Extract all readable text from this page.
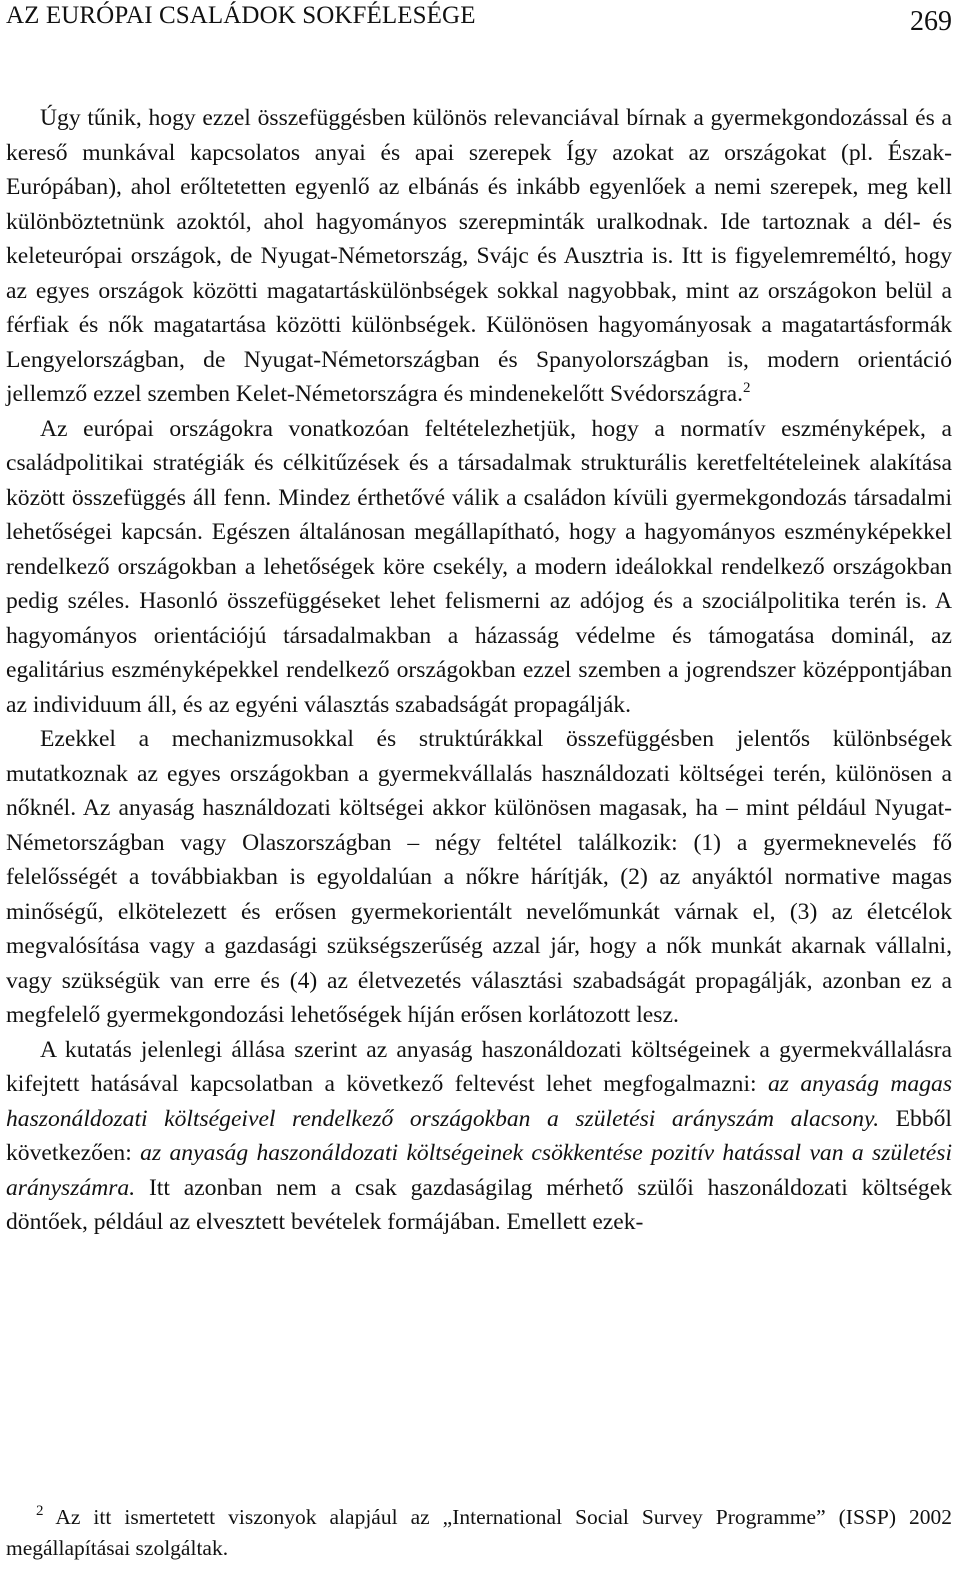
AZ EURÓPAI CSALÁDOK SOKFÉLESÉGE	269

Úgy tűnik, hogy ezzel összefüggésben különös relevanciával bírnak a gyermekgondozással és a kereső munkával kapcsolatos anyai és apai szerepek Így azokat az országokat (pl. Észak-Európában), ahol erőltetetten egyenlő az elbánás és inkább egyenlőek a nemi szerepek, meg kell különböztetnünk azoktól, ahol hagyományos szerepminták uralkodnak. Ide tartoznak a dél- és keleteurópai országok, de Nyugat-Németország, Svájc és Ausztria is. Itt is figyelemreméltó, hogy az egyes országok közötti magatartáskülönbségek sokkal nagyobbak, mint az országokon belül a férfiak és nők magatartása közötti különbségek. Különösen hagyományosak a magatartásformák Lengyelországban, de Nyugat-Németországban és Spanyolországban is, modern orientáció jellemző ezzel szemben Kelet-Németországra és mindenekelőtt Svédországra.$^2$

Az európai országokra vonatkozóan feltételezhetjük, hogy a normatív eszményképek, a családpolitikai stratégiák és célkitűzések és a társadalmak strukturális keretfeltételeinek alakítása között összefüggés áll fenn. Mindez érthetővé válik a családon kívüli gyermekgondozás társadalmi lehetőségei kapcsán. Egészen általánosan megállapítható, hogy a hagyományos eszményképekkel rendelkező országokban a lehetőségek köre csekély, a modern ideálokkal rendelkező országokban pedig széles. Hasonló összefüggéseket lehet felismerni az adójog és a szociálpolitika terén is. A hagyományos orientációjú társadalmakban a házasság védelme és támogatása dominál, az egalitárius eszményképekkel rendelkező országokban ezzel szemben a jogrendszer középpontjában az individuum áll, és az egyéni választás szabadságát propagálják.

Ezekkel a mechanizmusokkal és struktúrákkal összefüggésben jelentős különbségek mutatkoznak az egyes országokban a gyermekvállalás használdozati költségei terén, különösen a nőknél. Az anyaság használdozati költségei akkor különösen magasak, ha – mint például Nyugat-Németországban vagy Olaszországban – négy feltétel találkozik: (1) a gyermeknevelés fő felelősségét a továbbiakban is egyoldalúan a nőkre hárítják, (2) az anyáktól normative magas minőségű, elkötelezett és erősen gyermekorientált nevelőmunkát várnak el, (3) az életcélok megvalósítása vagy a gazdasági szükségszerűség azzal jár, hogy a nők munkát akarnak vállalni, vagy szükségük van erre és (4) az életvezetés választási szabadságát propagálják, azonban ez a megfelelő gyermekgondozási lehetőségek híján erősen korlátozott lesz.

A kutatás jelenlegi állása szerint az anyaság haszonáldozati költségeinek a gyermekvállalásra kifejtett hatásával kapcsolatban a következő feltevést lehet megfogalmazni: az anyaság magas haszonáldozati költségeivel rendelkező országokban a születési arányszám alacsony. Ebből következően: az anyaság haszonáldozati költségeinek csökkentése pozitív hatással van a születési arányszámra. Itt azonban nem a csak gazdaságilag mérhető szülői haszonáldozati költségek döntőek, például az elvesztett bevételek formájában. Emellett ezek-

$^2$ Az itt ismertetett viszonyok alapjául az „International Social Survey Programme” (ISSP) 2002 megállapításai szolgáltak.
